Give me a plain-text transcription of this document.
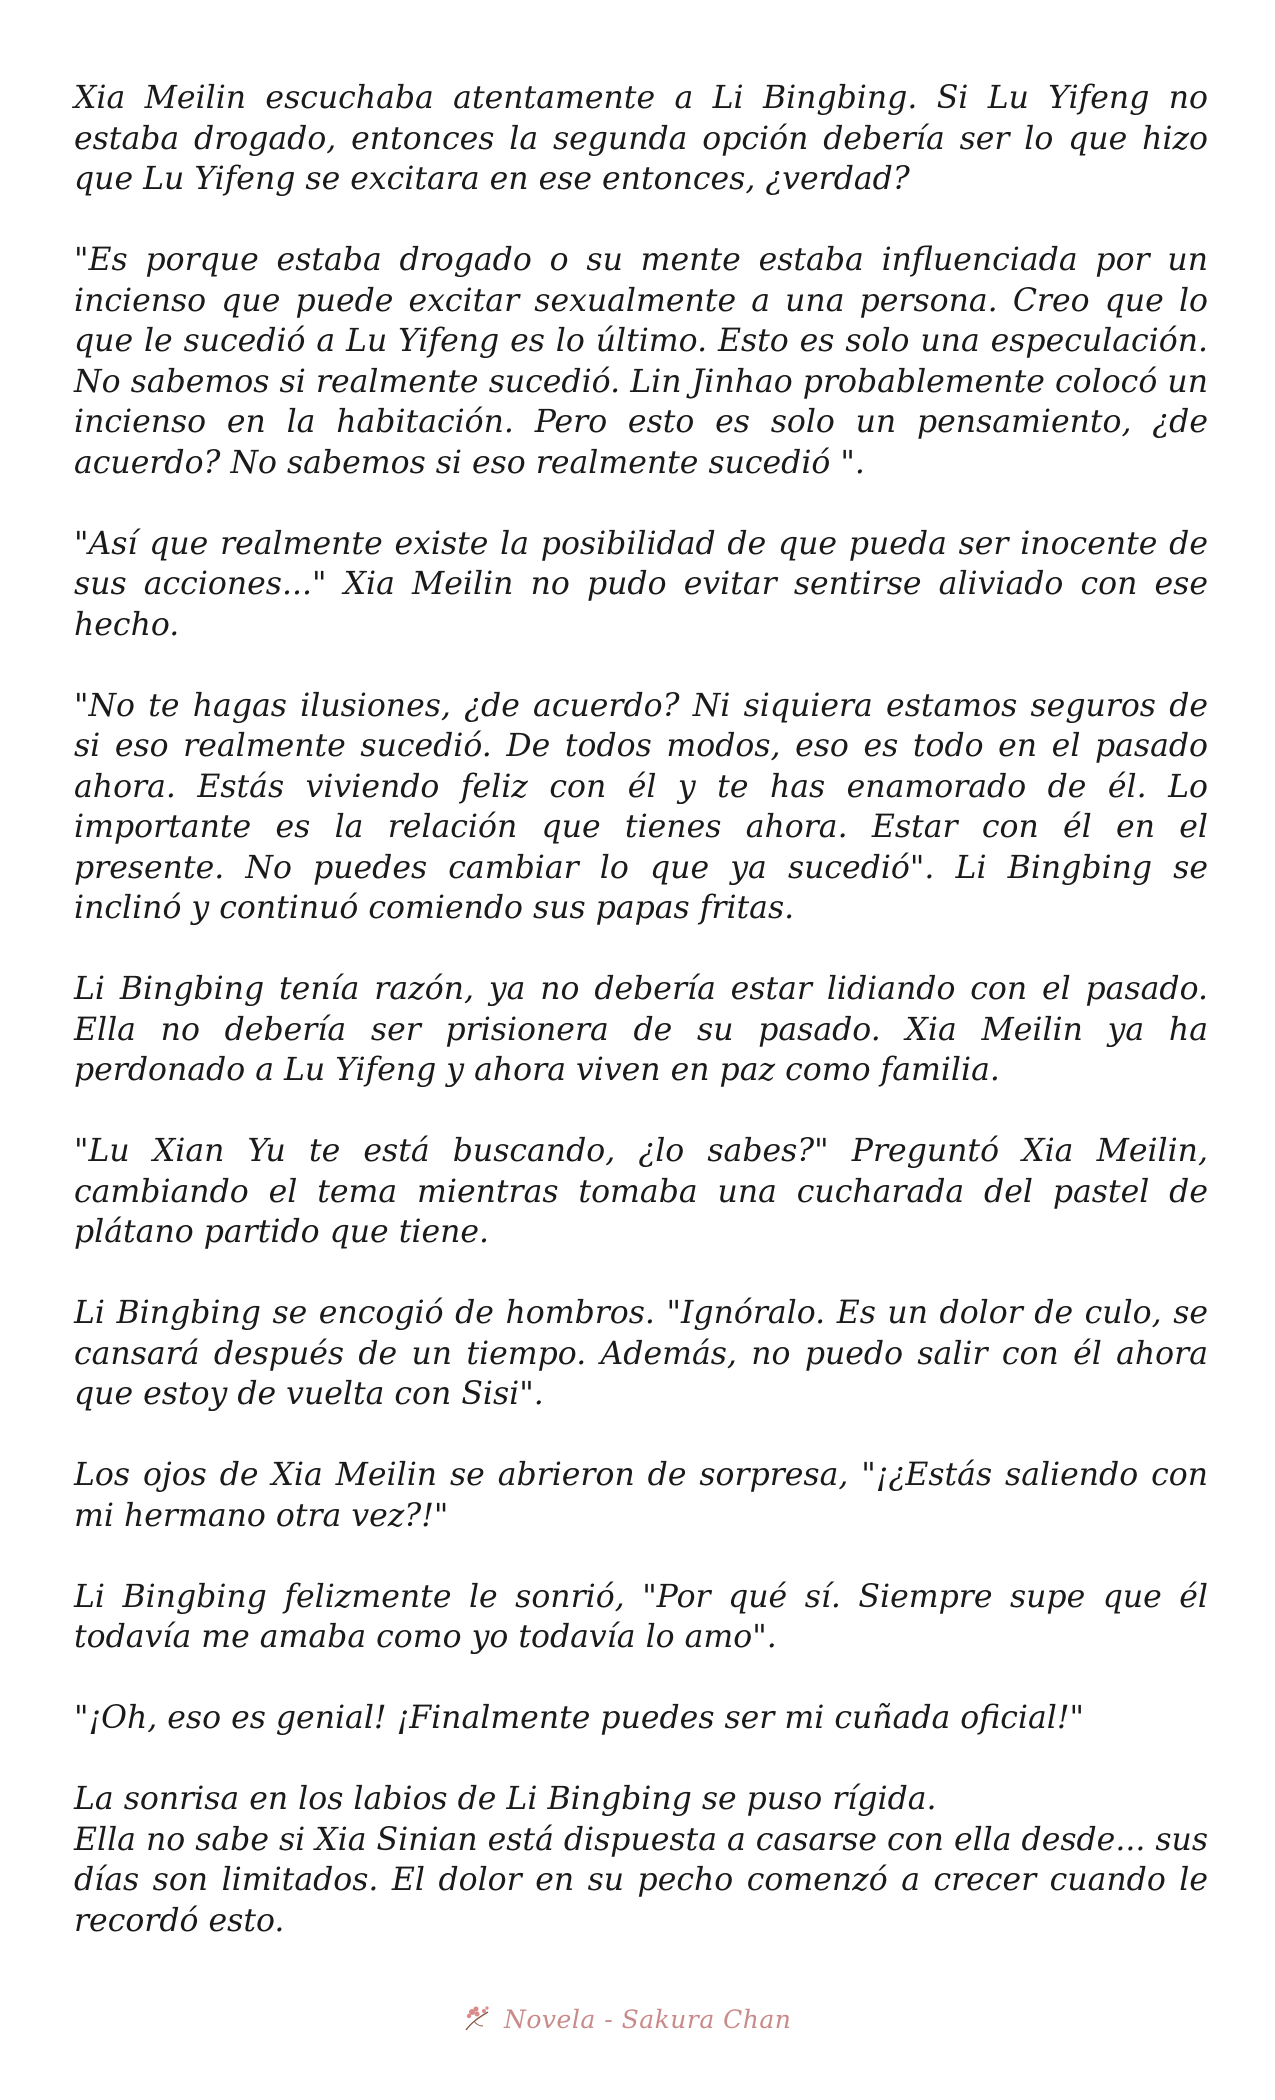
Xia Meilin escuchaba atentamente a Li Bingbing. Si Lu Yifeng no estaba drogado, entonces la segunda opción debería ser lo que hizo que Lu Yifeng se excitara en ese entonces, ¿verdad?

"Es porque estaba drogado o su mente estaba influenciada por un incienso que puede excitar sexualmente a una persona. Creo que lo que le sucedió a Lu Yifeng es lo último. Esto es solo una especulación. No sabemos si realmente sucedió. Lin Jinhao probablemente colocó un incienso en la habitación. Pero esto es solo un pensamiento, ¿de acuerdo? No sabemos si eso realmente sucedió ".

"Así que realmente existe la posibilidad de que pueda ser inocente de sus acciones..." Xia Meilin no pudo evitar sentirse aliviado con ese hecho.

"No te hagas ilusiones, ¿de acuerdo? Ni siquiera estamos seguros de si eso realmente sucedió. De todos modos, eso es todo en el pasado ahora. Estás viviendo feliz con él y te has enamorado de él. Lo importante es la relación que tienes ahora. Estar con él en el presente. No puedes cambiar lo que ya sucedió". Li Bingbing se inclinó y continuó comiendo sus papas fritas.

Li Bingbing tenía razón, ya no debería estar lidiando con el pasado. Ella no debería ser prisionera de su pasado. Xia Meilin ya ha perdonado a Lu Yifeng y ahora viven en paz como familia.

"Lu Xian Yu te está buscando, ¿lo sabes?" Preguntó Xia Meilin, cambiando el tema mientras tomaba una cucharada del pastel de plátano partido que tiene.

Li Bingbing se encogió de hombros. "Ignóralo. Es un dolor de culo, se cansará después de un tiempo. Además, no puedo salir con él ahora que estoy de vuelta con Sisi".

Los ojos de Xia Meilin se abrieron de sorpresa, "¡¿Estás saliendo con mi hermano otra vez?!"

Li Bingbing felizmente le sonrió, "Por qué sí. Siempre supe que él todavía me amaba como yo todavía lo amo".

"¡Oh, eso es genial! ¡Finalmente puedes ser mi cuñada oficial!"

La sonrisa en los labios de Li Bingbing se puso rígida.

Ella no sabe si Xia Sinian está dispuesta a casarse con ella desde... sus días son limitados. El dolor en su pecho comenzó a crecer cuando le recordó esto.

Novela - Sakura Chan
